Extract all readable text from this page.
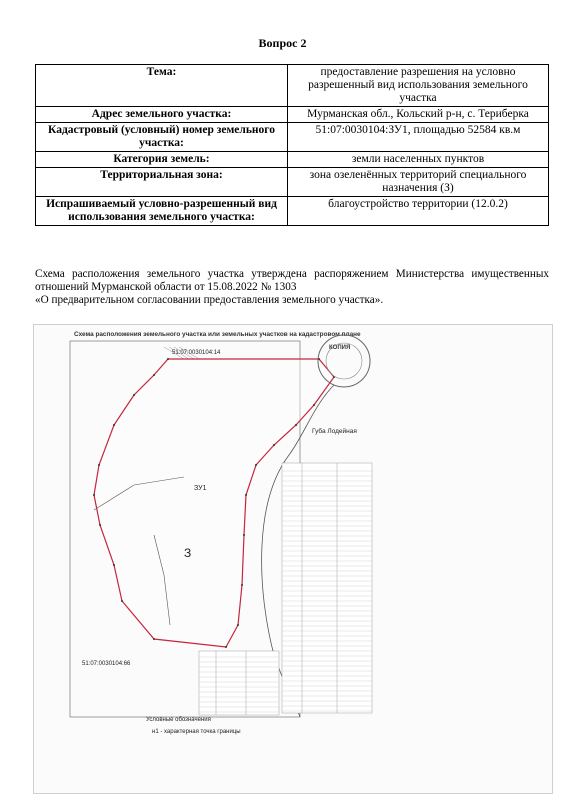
Вопрос 2
Тема:	предоставление разрешения на условно разрешенный вид использования земельного участка
Адрес земельного участка:	Мурманская обл., Кольский р-н, с. Териберка
Кадастровый (условный) номер земельного участка:	51:07:0030104:ЗУ1, площадью 52584 кв.м
Категория земель:	земли населенных пунктов
Территориальная зона:	зона озеленённых территорий специального назначения (З)
Испрашиваемый условно-разрешенный вид использования земельного участка:	благоустройство территории (12.0.2)
Схема расположения земельного участка утверждена распоряжением Министерства имущественных отношений Мурманской области от 15.08.2022 № 1303
«О предварительном согласовании предоставления земельного участка».
Схема расположения земельного участка или земельных участков на кадастровом плане
51:07:0030104:14
51:07:0030104:66
ЗУ1
З
Губа Лодейная
КОПИЯ
Условные обозначения
н1 - характерная точка границы
